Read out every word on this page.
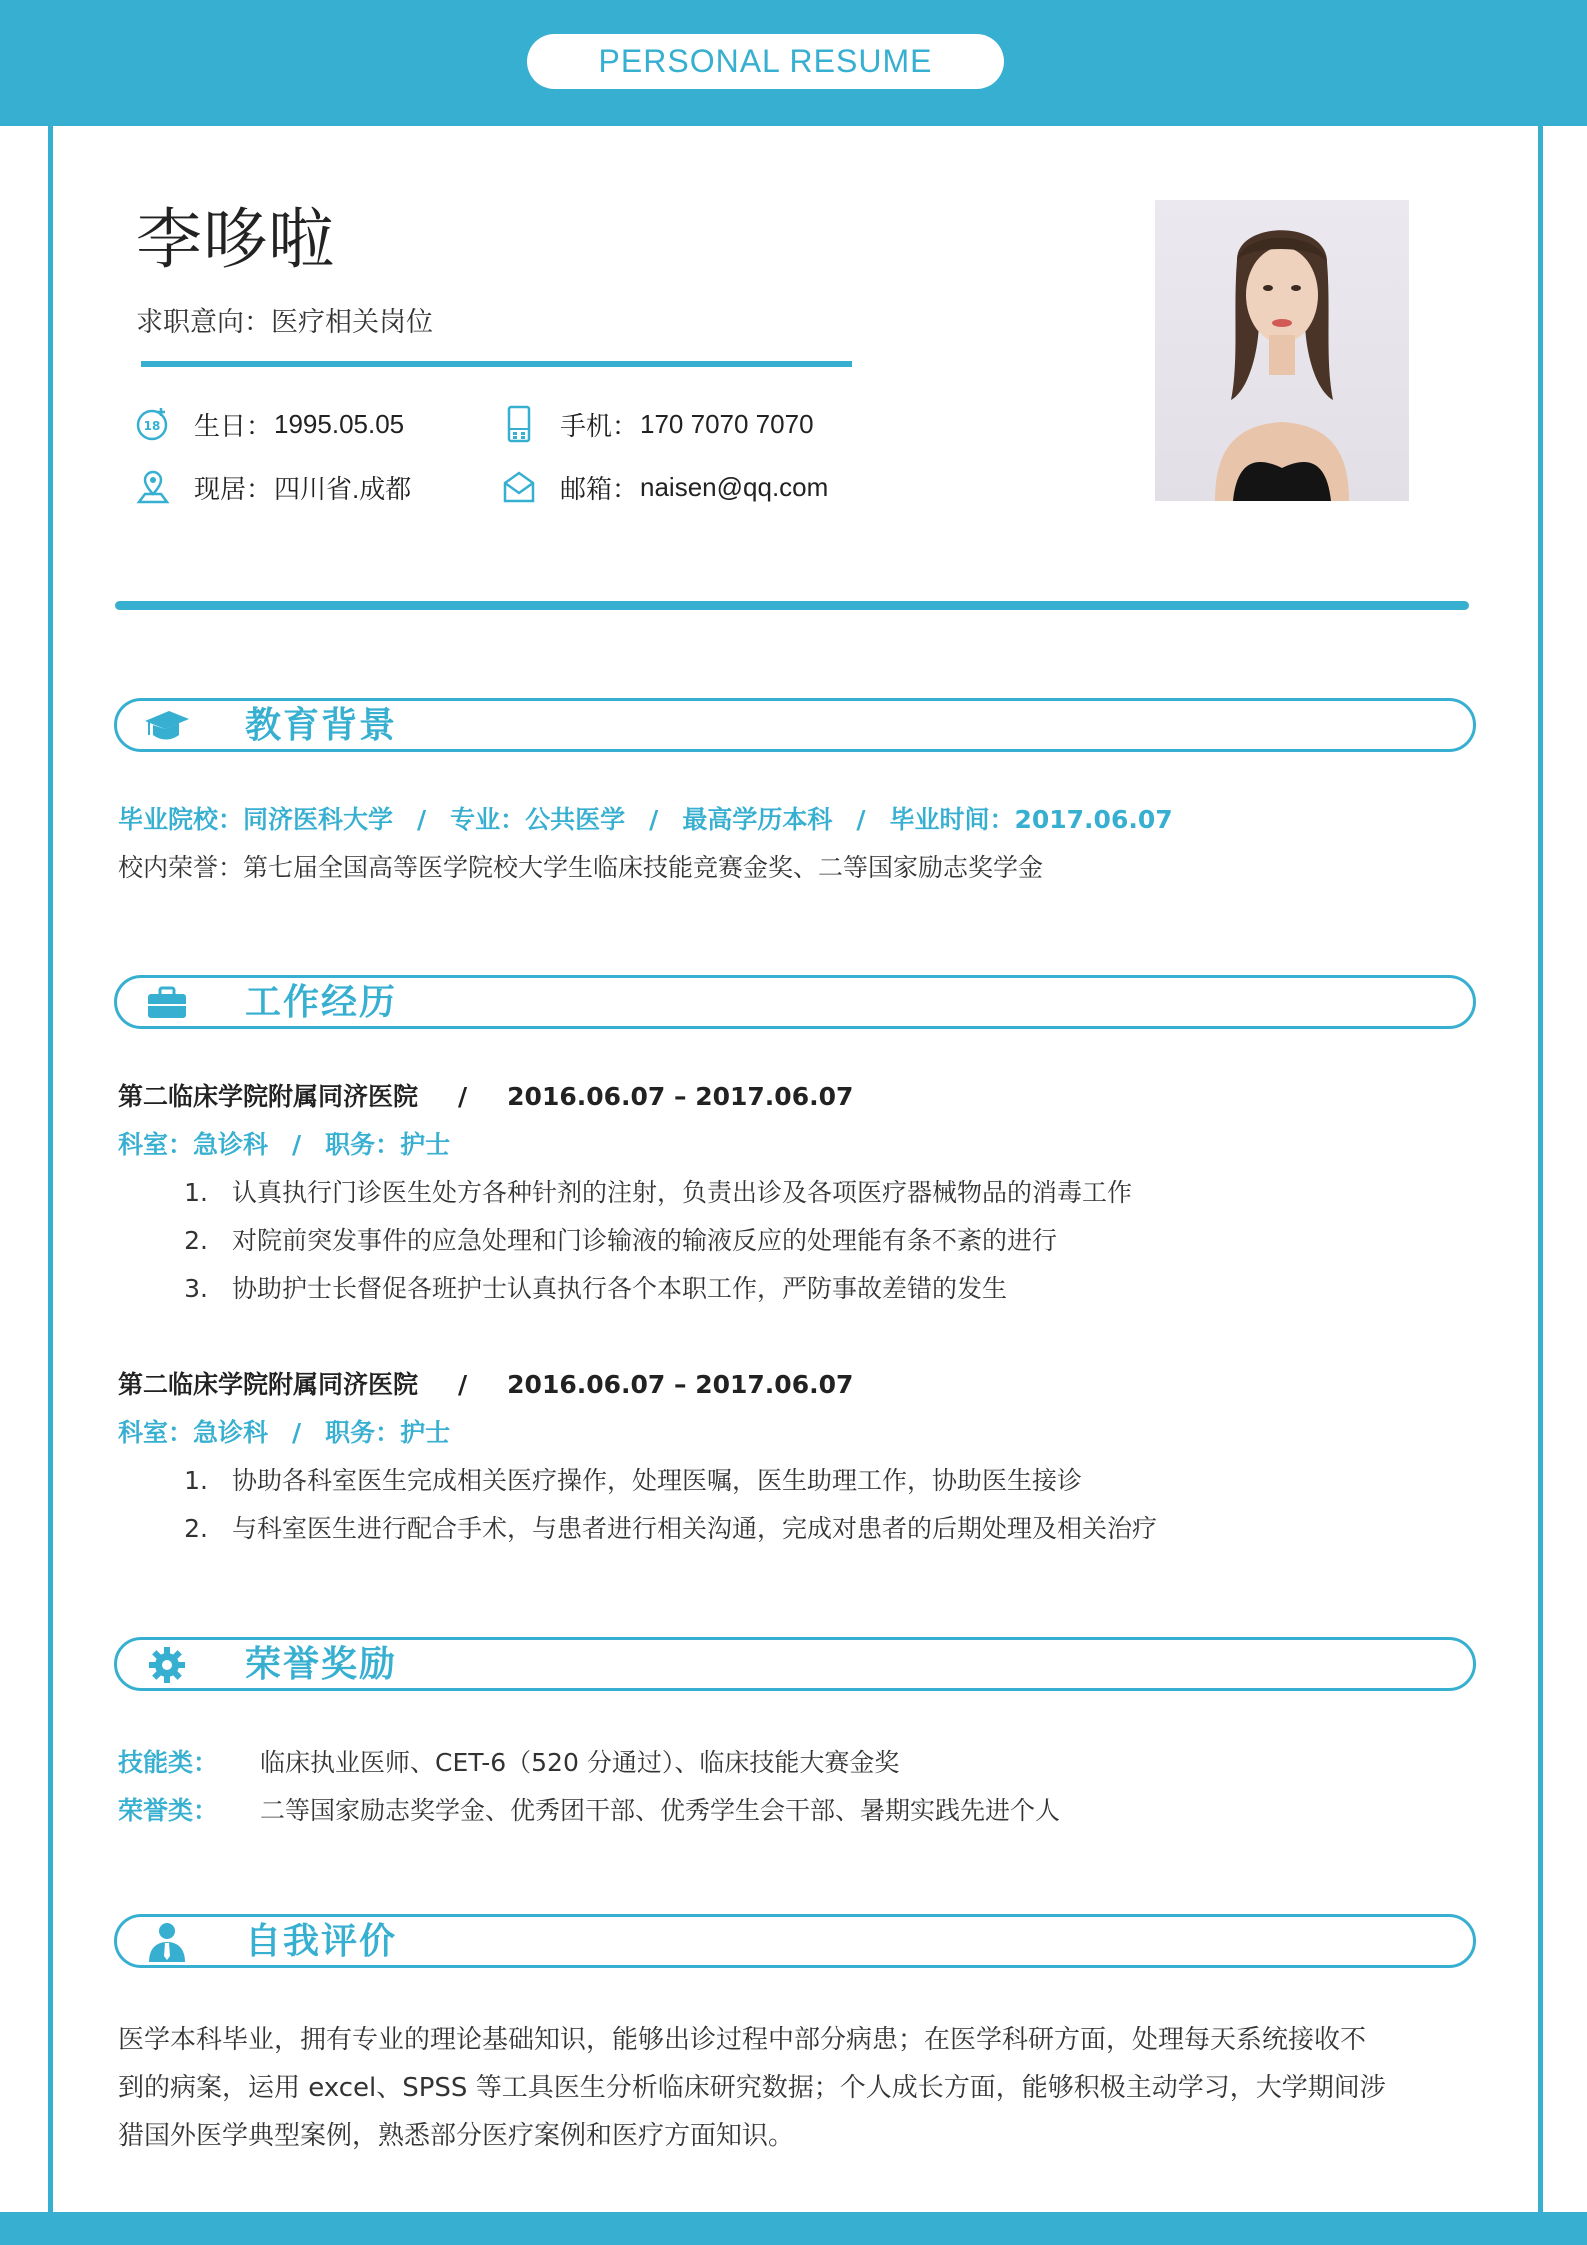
PERSONAL RESUME
李哆啦
求职意向：医疗相关岗位
18 生日： 1995.05.05	手机： 170 7070 7070
现居： 四川省.成都	邮箱： naisen@qq.com
教育背景
毕业院校：同济医科大学 / 专业：公共医学 / 最高学历本科 / 毕业时间：2017.06.07
校内荣誉：第七届全国高等医学院校大学生临床技能竞赛金奖、二等国家励志奖学金
工作经历
第二临床学院附属同济医院 / 2016.06.07 – 2017.06.07
科室：急诊科 / 职务：护士
1. 认真执行门诊医生处方各种针剂的注射，负责出诊及各项医疗器械物品的消毒工作
2. 对院前突发事件的应急处理和门诊输液的输液反应的处理能有条不紊的进行
3. 协助护士长督促各班护士认真执行各个本职工作，严防事故差错的发生
第二临床学院附属同济医院 / 2016.06.07 – 2017.06.07
科室：急诊科 / 职务：护士
1. 协助各科室医生完成相关医疗操作，处理医嘱，医生助理工作，协助医生接诊
2. 与科室医生进行配合手术，与患者进行相关沟通，完成对患者的后期处理及相关治疗
荣誉奖励
技能类： 临床执业医师、CET-6（520 分通过）、临床技能大赛金奖
荣誉类： 二等国家励志奖学金、优秀团干部、优秀学生会干部、暑期实践先进个人
自我评价
医学本科毕业，拥有专业的理论基础知识，能够出诊过程中部分病患；在医学科研方面，处理每天系统接收不
到的病案，运用 excel、SPSS 等工具医生分析临床研究数据；个人成长方面，能够积极主动学习，大学期间涉
猎国外医学典型案例，熟悉部分医疗案例和医疗方面知识。
